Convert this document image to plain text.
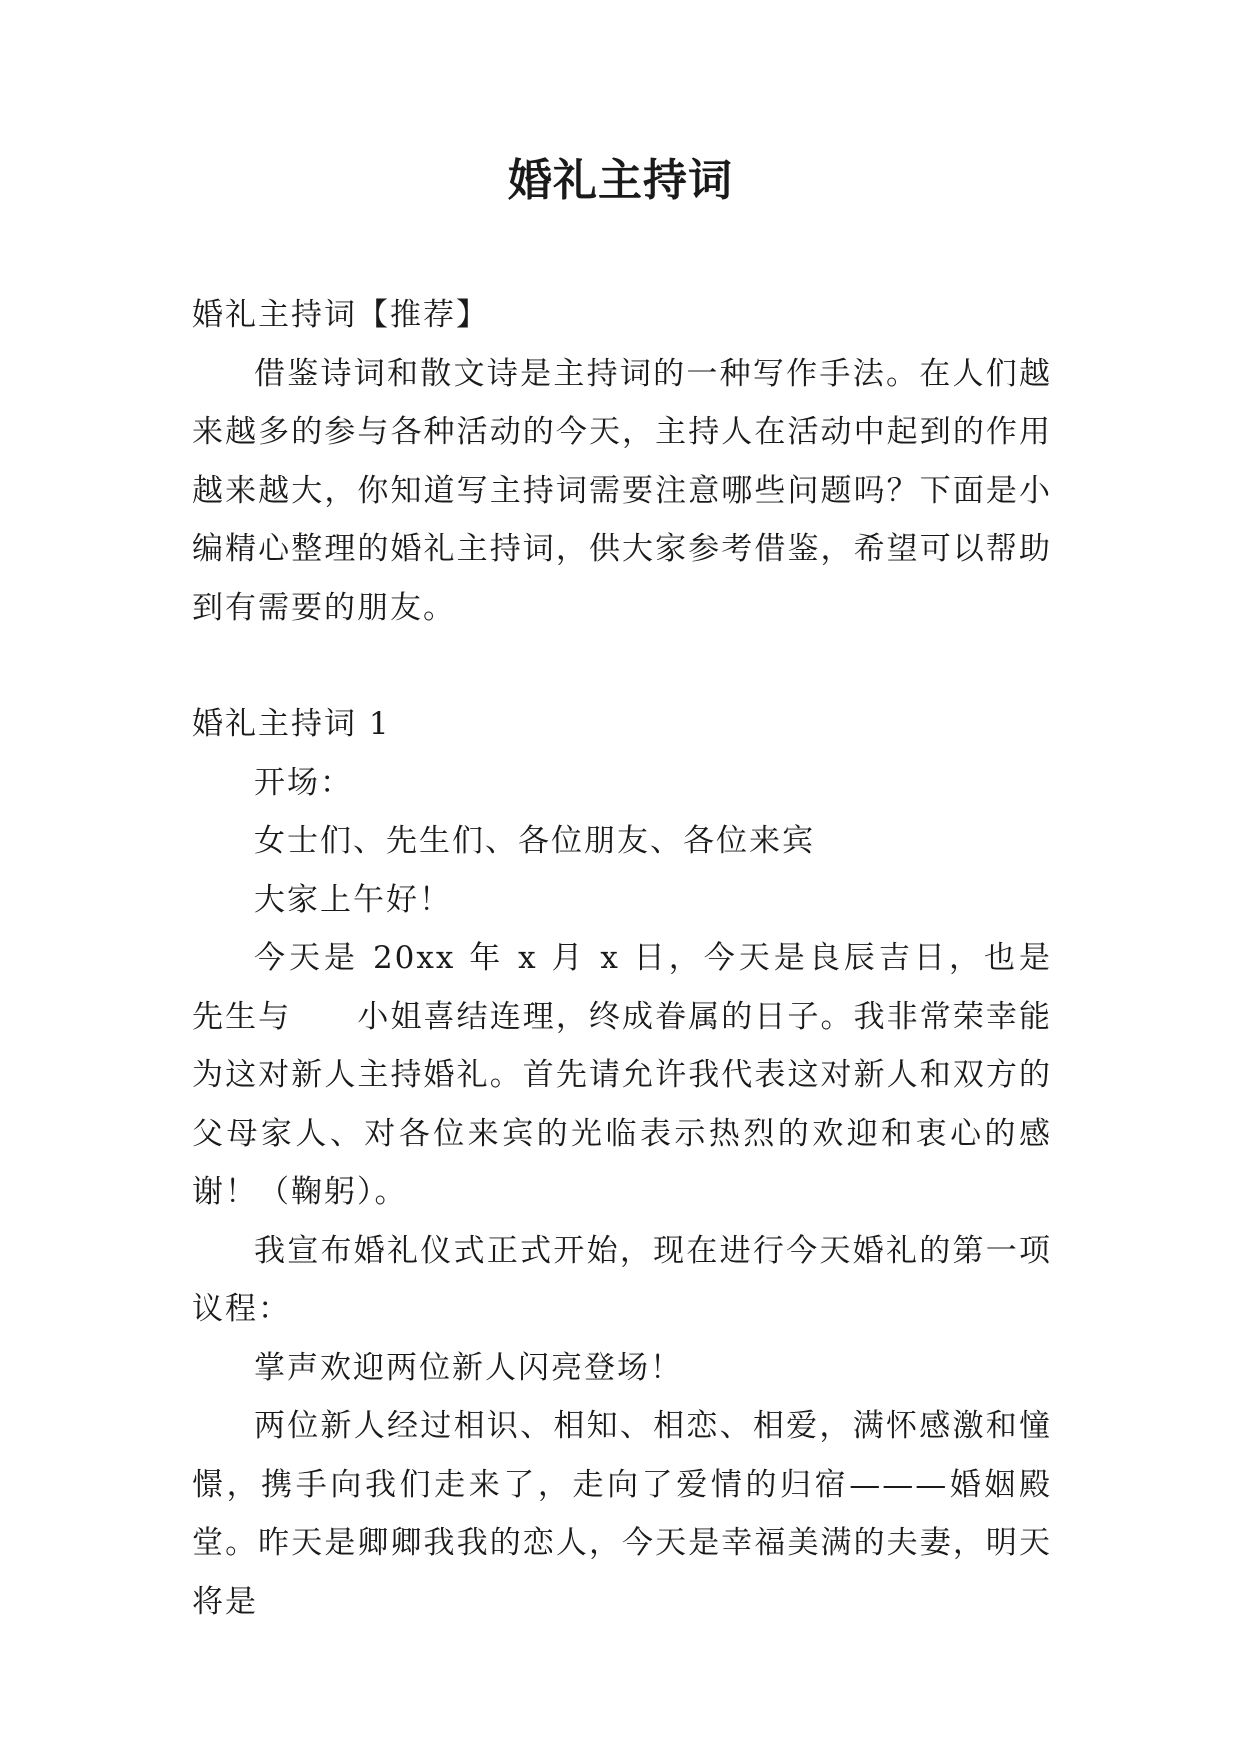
婚礼主持词

婚礼主持词【推荐】

借鉴诗词和散文诗是主持词的一种写作手法。在人们越来越多的参与各种活动的今天，主持人在活动中起到的作用越来越大，你知道写主持词需要注意哪些问题吗？下面是小编精心整理的婚礼主持词，供大家参考借鉴，希望可以帮助到有需要的朋友。

婚礼主持词 1

开场：

女士们、先生们、各位朋友、各位来宾

大家上午好！

今天是 20xx 年 x 月 x 日，今天是良辰吉日，也是　　先生与　　小姐喜结连理，终成眷属的日子。我非常荣幸能为这对新人主持婚礼。首先请允许我代表这对新人和双方的父母家人、对各位来宾的光临表示热烈的欢迎和衷心的感谢！（鞠躬）。

我宣布婚礼仪式正式开始，现在进行今天婚礼的第一项议程：

掌声欢迎两位新人闪亮登场！

两位新人经过相识、相知、相恋、相爱，满怀感激和憧憬，携手向我们走来了，走向了爱情的归宿———婚姻殿堂。昨天是卿卿我我的恋人，今天是幸福美满的夫妻，明天将是
